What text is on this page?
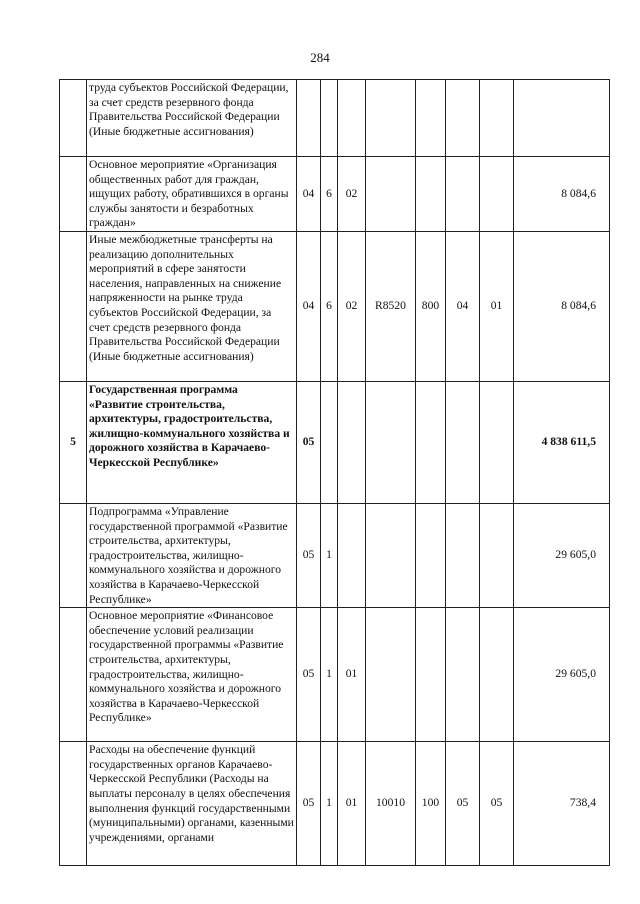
284
	труда субъектов Российской Федерации, за счет средств резервного фонда Правительства Российской Федерации (Иные бюджетные ассигнования)								
	Основное мероприятие «Организация общественных работ для граждан, ищущих работу, обратившихся в органы службы занятости и безработных граждан»	04	6	02					8 084,6
	Иные межбюджетные трансферты на реализацию дополнительных мероприятий в сфере занятости населения, направленных на снижение напряженности на рынке труда субъектов Российской Федерации, за счет средств резервного фонда Правительства Российской Федерации (Иные бюджетные ассигнования)	04	6	02	R8520	800	04	01	8 084,6
5	Государственная программа «Развитие строительства, архитектуры, градостроительства, жилищно-коммунального хозяйства и дорожного хозяйства в Карачаево-Черкесской Республике»	05							4 838 611,5
	Подпрограмма «Управление государственной программой «Развитие строительства, архитектуры, градостроительства, жилищно-коммунального хозяйства и дорожного хозяйства в Карачаево-Черкесской Республике»	05	1						29 605,0
	Основное мероприятие «Финансовое обеспечение условий реализации государственной программы «Развитие строительства, архитектуры, градостроительства, жилищно-коммунального хозяйства и дорожного хозяйства в Карачаево-Черкесской Республике»	05	1	01					29 605,0
	Расходы на обеспечение функций государственных органов Карачаево-Черкесской Республики (Расходы на выплаты персоналу в целях обеспечения выполнения функций государственными (муниципальными) органами, казенными учреждениями, органами	05	1	01	10010	100	05	05	738,4
